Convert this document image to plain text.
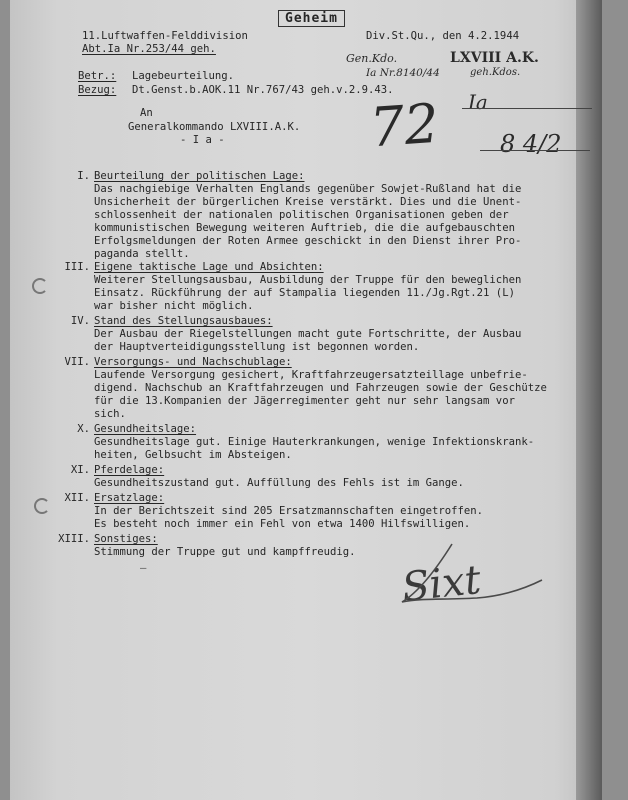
11.Luftwaffen-Felddivision
Abt.Ia Nr.253/44 geh.
Geheim
Div.St.Qu., den 4.2.1944
Gen.Kdo.	LXVIII A.K.
Ia Nr.8140/44	geh.Kdos.
Betr.: Lagebeurteilung.
Bezug: Dt.Genst.b.AOK.11 Nr.767/43 geh.v.2.9.43.
An
Generalkommando LXVIII.A.K.
- I a -	72 Ia
8 4/2
I. Beurteilung der politischen Lage:
Das nachgiebige Verhalten Englands gegenüber Sowjet-Rußland hat die
Unsicherheit der bürgerlichen Kreise verstärkt. Dies und die Unent-
schlossenheit der nationalen politischen Organisationen geben der
kommunistischen Bewegung weiteren Auftrieb, die die aufgebauschten
Erfolgsmeldungen der Roten Armee geschickt in den Dienst ihrer Pro-
paganda stellt.
III. Eigene taktische Lage und Absichten:
Weiterer Stellungsausbau, Ausbildung der Truppe für den beweglichen
Einsatz. Rückführung der auf Stampalia liegenden 11./Jg.Rgt.21 (L)
war bisher nicht möglich.
IV. Stand des Stellungsausbaues:
Der Ausbau der Riegelstellungen macht gute Fortschritte, der Ausbau
der Hauptverteidigungsstellung ist begonnen worden.
VII. Versorgungs- und Nachschublage:
Laufende Versorgung gesichert, Kraftfahrzeugersatzteillage unbefrie-
digend. Nachschub an Kraftfahrzeugen und Fahrzeugen sowie der Geschütze
für die 13.Kompanien der Jägerregimenter geht nur sehr langsam vor
sich.
X. Gesundheitslage:
Gesundheitslage gut. Einige Hauterkrankungen, wenige Infektionskrank-
heiten, Gelbsucht im Absteigen.
XI. Pferdelage:
Gesundheitszustand gut. Auffüllung des Fehls ist im Gange.
XII. Ersatzlage:
In der Berichtszeit sind 205 Ersatzmannschaften eingetroffen.
Es besteht noch immer ein Fehl von etwa 1400 Hilfswilligen.
XIII. Sonstiges:
Stimmung der Truppe gut und kampffreudig.
—	Sixt
